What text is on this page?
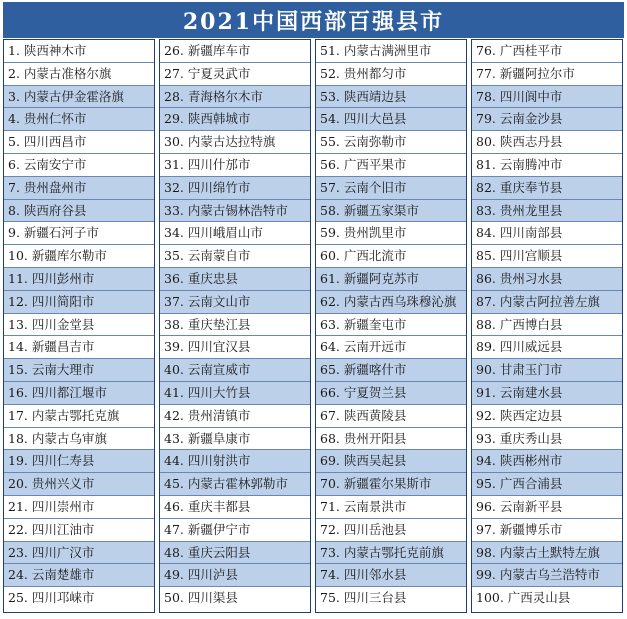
2021中国西部百强县市
1. 陕西神木市
2. 内蒙古准格尔旗
3. 内蒙古伊金霍洛旗
4. 贵州仁怀市
5. 四川西昌市
6. 云南安宁市
7. 贵州盘州市
8. 陕西府谷县
9. 新疆石河子市
10. 新疆库尔勒市
11. 四川彭州市
12. 四川简阳市
13. 四川金堂县
14. 新疆昌吉市
15. 云南大理市
16. 四川都江堰市
17. 内蒙古鄂托克旗
18. 内蒙古乌审旗
19. 四川仁寿县
20. 贵州兴义市
21. 四川崇州市
22. 四川江油市
23. 四川广汉市
24. 云南楚雄市
25. 四川邛崃市
26. 新疆库车市
27. 宁夏灵武市
28. 青海格尔木市
29. 陕西韩城市
30. 内蒙古达拉特旗
31. 四川什邡市
32. 四川绵竹市
33. 内蒙古锡林浩特市
34. 四川峨眉山市
35. 云南蒙自市
36. 重庆忠县
37. 云南文山市
38. 重庆垫江县
39. 四川宜汉县
40. 云南宣威市
41. 四川大竹县
42. 贵州清镇市
43. 新疆阜康市
44. 四川射洪市
45. 内蒙古霍林郭勒市
46. 重庆丰都县
47. 新疆伊宁市
48. 重庆云阳县
49. 四川泸县
50. 四川渠县
51. 内蒙古满洲里市
52. 贵州都匀市
53. 陕西靖边县
54. 四川大邑县
55. 云南弥勒市
56. 广西平果市
57. 云南个旧市
58. 新疆五家渠市
59. 贵州凯里市
60. 广西北流市
61. 新疆阿克苏市
62. 内蒙古西乌珠穆沁旗
63. 新疆奎屯市
64. 云南开远市
65. 新疆喀什市
66. 宁夏贺兰县
67. 陕西黄陵县
68. 贵州开阳县
69. 陕西吴起县
70. 新疆霍尔果斯市
71. 云南景洪市
72. 四川岳池县
73. 内蒙古鄂托克前旗
74. 四川邻水县
75. 四川三台县
76. 广西桂平市
77. 新疆阿拉尔市
78. 四川阆中市
79. 云南金沙县
80. 陕西志丹县
81. 云南腾冲市
82. 重庆奉节县
83. 贵州龙里县
84. 四川南部县
85. 四川宫顺县
86. 贵州习水县
87. 内蒙古阿拉善左旗
88. 广西博白县
89. 四川威远县
90. 甘肃玉门市
91. 云南建水县
92. 陕西定边县
93. 重庆秀山县
94. 陕西彬州市
95. 广西合浦县
96. 云南新平县
97. 新疆博乐市
98. 内蒙古土默特左旗
99. 内蒙古乌兰浩特市
100. 广西灵山县
